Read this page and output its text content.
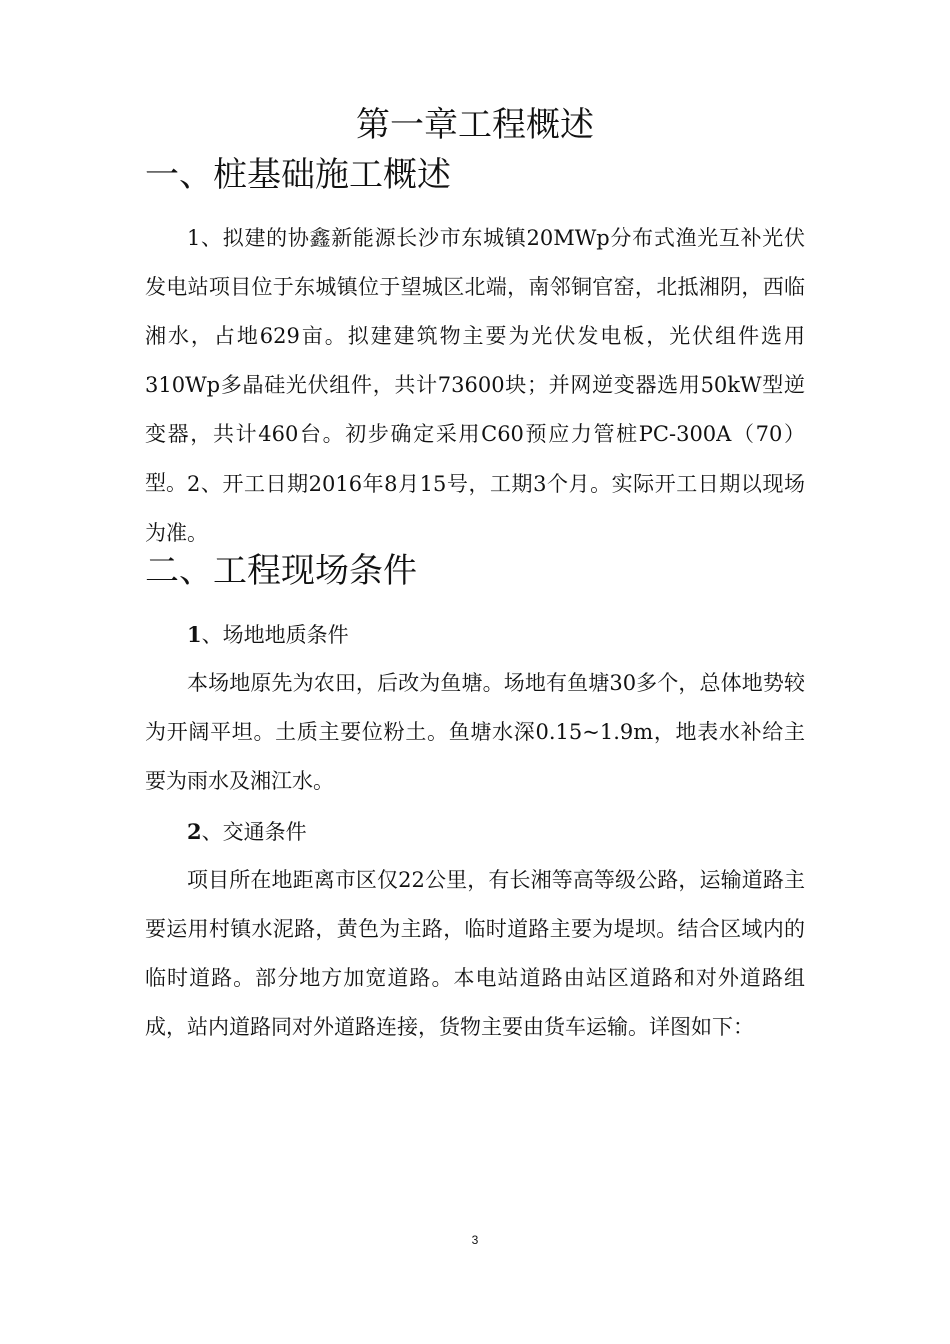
第一章工程概述
一、桩基础施工概述

1、拟建的协鑫新能源长沙市东城镇20MWp分布式渔光互补光伏发电站项目位于东城镇位于望城区北端，南邻铜官窑，北抵湘阴，西临湘水，占地629亩。拟建建筑物主要为光伏发电板，光伏组件选用310Wp多晶硅光伏组件，共计73600块；并网逆变器选用50kW型逆变器，共计460台。初步确定采用C60预应力管桩PC-300A（70）型。 2、开工日期2016年8月15号，工期3个月。实际开工日期以现场为准。

二、工程现场条件

1、场地地质条件

本场地原先为农田，后改为鱼塘。场地有鱼塘30多个，总体地势较为开阔平坦。土质主要位粉土。鱼塘水深0.15~1.9m，地表水补给主要为雨水及湘江水。

2、交通条件

项目所在地距离市区仅22公里，有长湘等高等级公路，运输道路主要运用村镇水泥路，黄色为主路，临时道路主要为堤坝。结合区域内的临时道路。部分地方加宽道路。本电站道路由站区道路和对外道路组成，站内道路同对外道路连接，货物主要由货车运输。详图如下：

3
